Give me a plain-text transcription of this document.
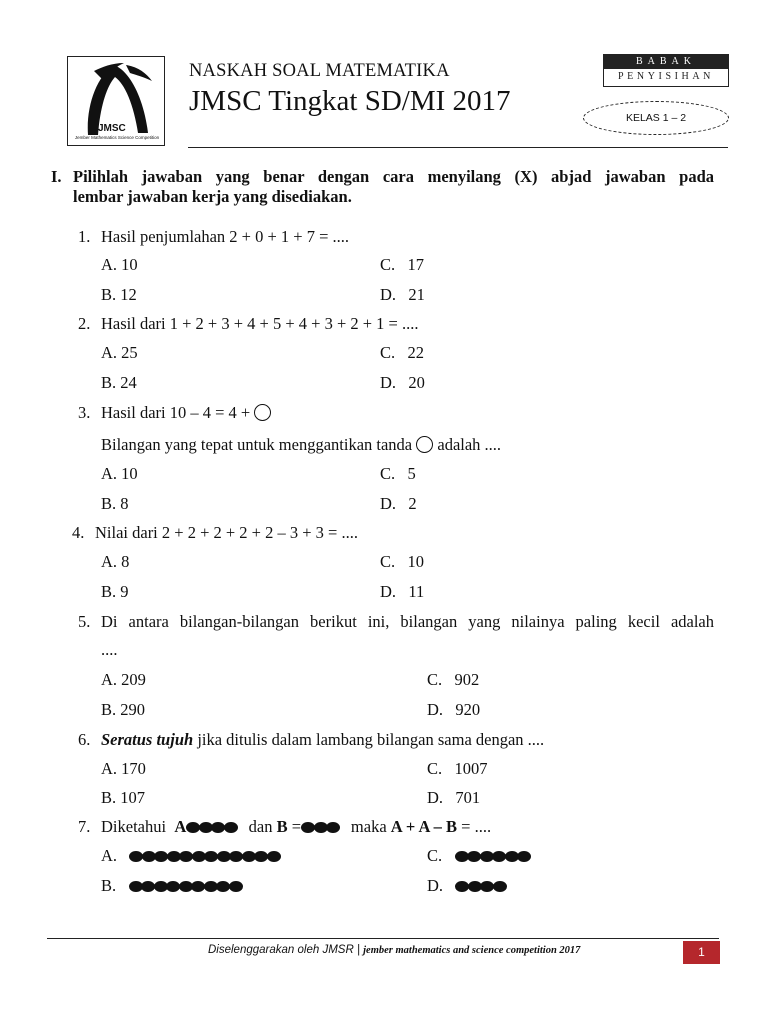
JMSC
Jember Mathematics Science Competition
NASKAH SOAL MATEMATIKA
JMSC Tingkat SD/MI 2017
BABAK
PENYISIHAN
KELAS 1 – 2
I. Pilihlah jawaban yang benar dengan cara menyilang (X) abjad jawaban pada
lembar jawaban kerja yang disediakan.
1. Hasil penjumlahan 2 + 0 + 1 + 7 = ....
A. 10
B. 12
C. 17
D. 21
2. Hasil dari 1 + 2 + 3 + 4 + 5 + 4 + 3 + 2 + 1 = ....
A. 25
B. 24
C. 22
D. 20
3. Hasil dari 10 – 4 = 4 +
Bilangan yang tepat untuk menggantikan tanda adalah ....
A. 10
B. 8
C. 5
D. 2
4. Nilai dari 2 + 2 + 2 + 2 + 2 – 3 + 3 = ....
A. 8
B. 9
C. 10
D. 11
5. Di antara bilangan-bilangan berikut ini, bilangan yang nilainya paling kecil adalah
....
A. 209
B. 290
C. 902
D. 920
6. Seratus tujuh jika ditulis dalam lambang bilangan sama dengan ....
A. 170
B. 107
C. 1007
D. 701
7. Diketahui A	dan B =	maka A + A – B = ....
A.
B.
C.
D.
Diselenggarakan oleh JMSR | jember mathematics and science competition 2017	1
